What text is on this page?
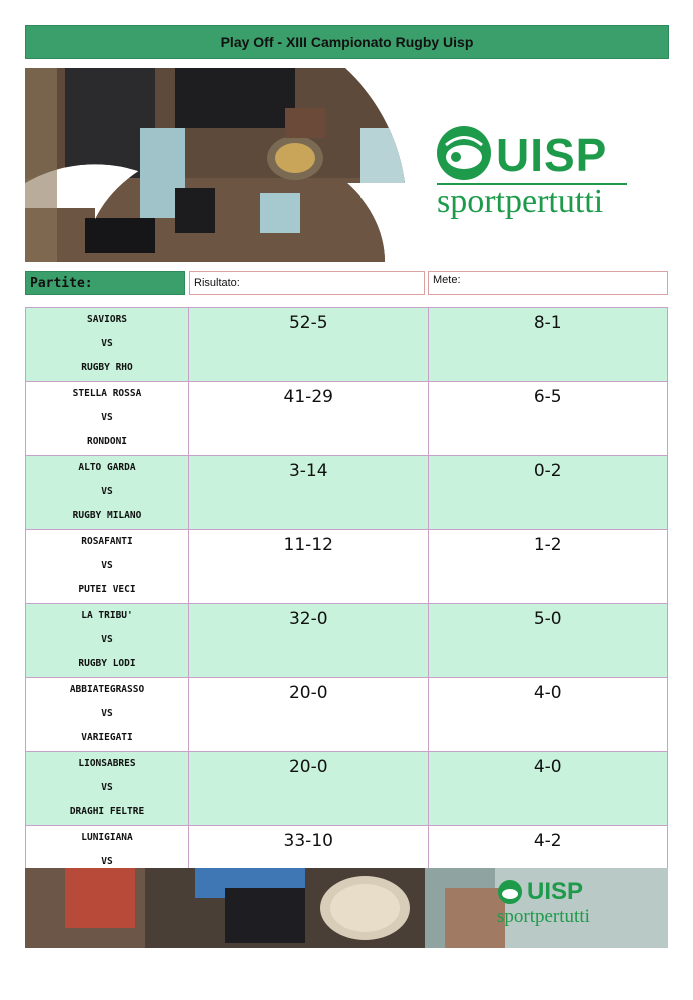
Play Off - XIII Campionato Rugby Uisp
UISP
sportpertutti
Partite:	Risultato:	Mete:
SAVIORS
VS
RUGBY RHO	52-5	8-1

STELLA ROSSA
VS
RONDONI	41-29	6-5

ALTO GARDA
VS
RUGBY MILANO	3-14	0-2

ROSAFANTI
VS
PUTEI VECI	11-12	1-2

LA TRIBU'
VS
RUGBY LODI	32-0	5-0

ABBIATEGRASSO
VS
VARIEGATI	20-0	4-0

LIONSABRES
VS
DRAGHI FELTRE	20-0	4-0

LUNIGIANA
VS	33-10	4-2
UISP
sportpertutti
